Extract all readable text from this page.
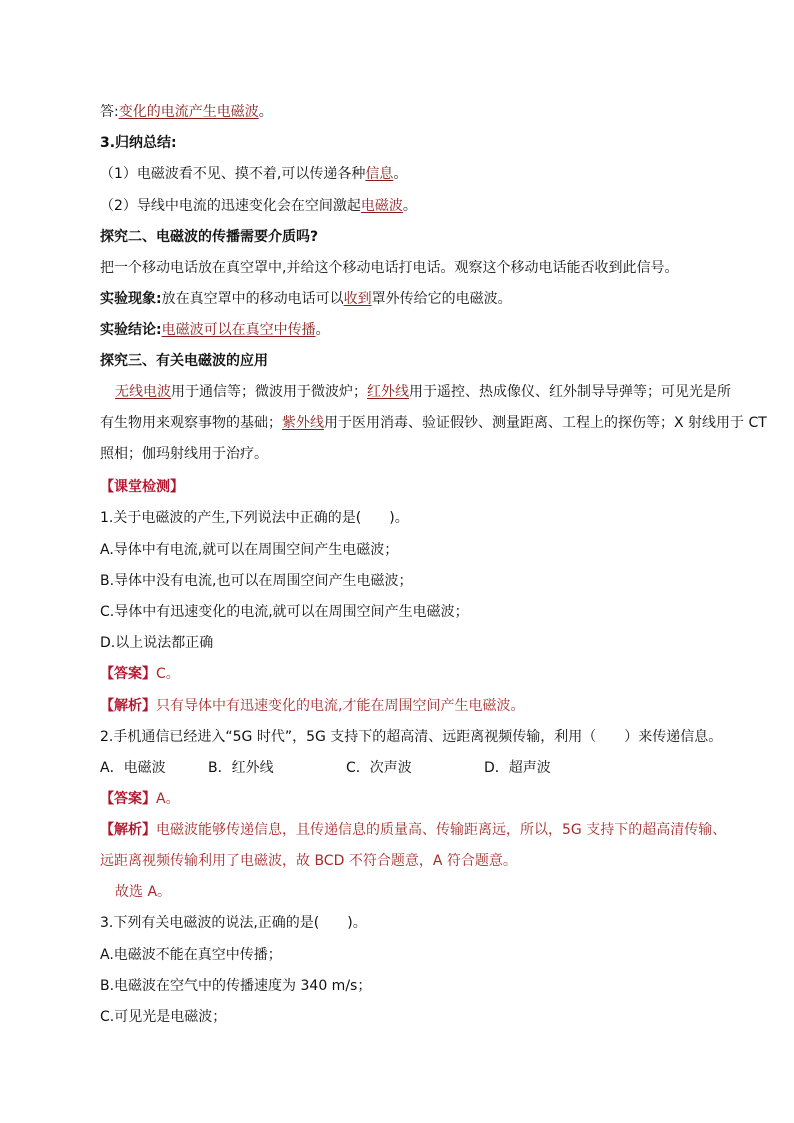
答:变化的电流产生电磁波。
3.归纳总结:
（1）电磁波看不见、摸不着,可以传递各种信息。
（2）导线中电流的迅速变化会在空间激起电磁波。
探究二、电磁波的传播需要介质吗?
把一个移动电话放在真空罩中,并给这个移动电话打电话。观察这个移动电话能否收到此信号。
实验现象:放在真空罩中的移动电话可以收到罩外传给它的电磁波。
实验结论:电磁波可以在真空中传播。
探究三、有关电磁波的应用
无线电波用于通信等；微波用于微波炉；红外线用于遥控、热成像仪、红外制导导弹等；可见光是所
有生物用来观察事物的基础；紫外线用于医用消毒、验证假钞、测量距离、工程上的探伤等；X 射线用于 CT
照相；伽玛射线用于治疗。
【课堂检测】
1.关于电磁波的产生,下列说法中正确的是(　　)。
A.导体中有电流,就可以在周围空间产生电磁波；
B.导体中没有电流,也可以在周围空间产生电磁波；
C.导体中有迅速变化的电流,就可以在周围空间产生电磁波；
D.以上说法都正确
【答案】C。
【解析】只有导体中有迅速变化的电流,才能在周围空间产生电磁波。
2.手机通信已经进入“5G 时代”，5G 支持下的超高清、远距离视频传输，利用（　　）来传递信息。
A．电磁波	B．红外线	C．次声波	D．超声波
【答案】A。
【解析】电磁波能够传递信息，且传递信息的质量高、传输距离远，所以，5G 支持下的超高清传输、
远距离视频传输利用了电磁波，故 BCD 不符合题意，A 符合题意。
故选 A。
3.下列有关电磁波的说法,正确的是(　　)。
A.电磁波不能在真空中传播；
B.电磁波在空气中的传播速度为 340 m/s；
C.可见光是电磁波；
